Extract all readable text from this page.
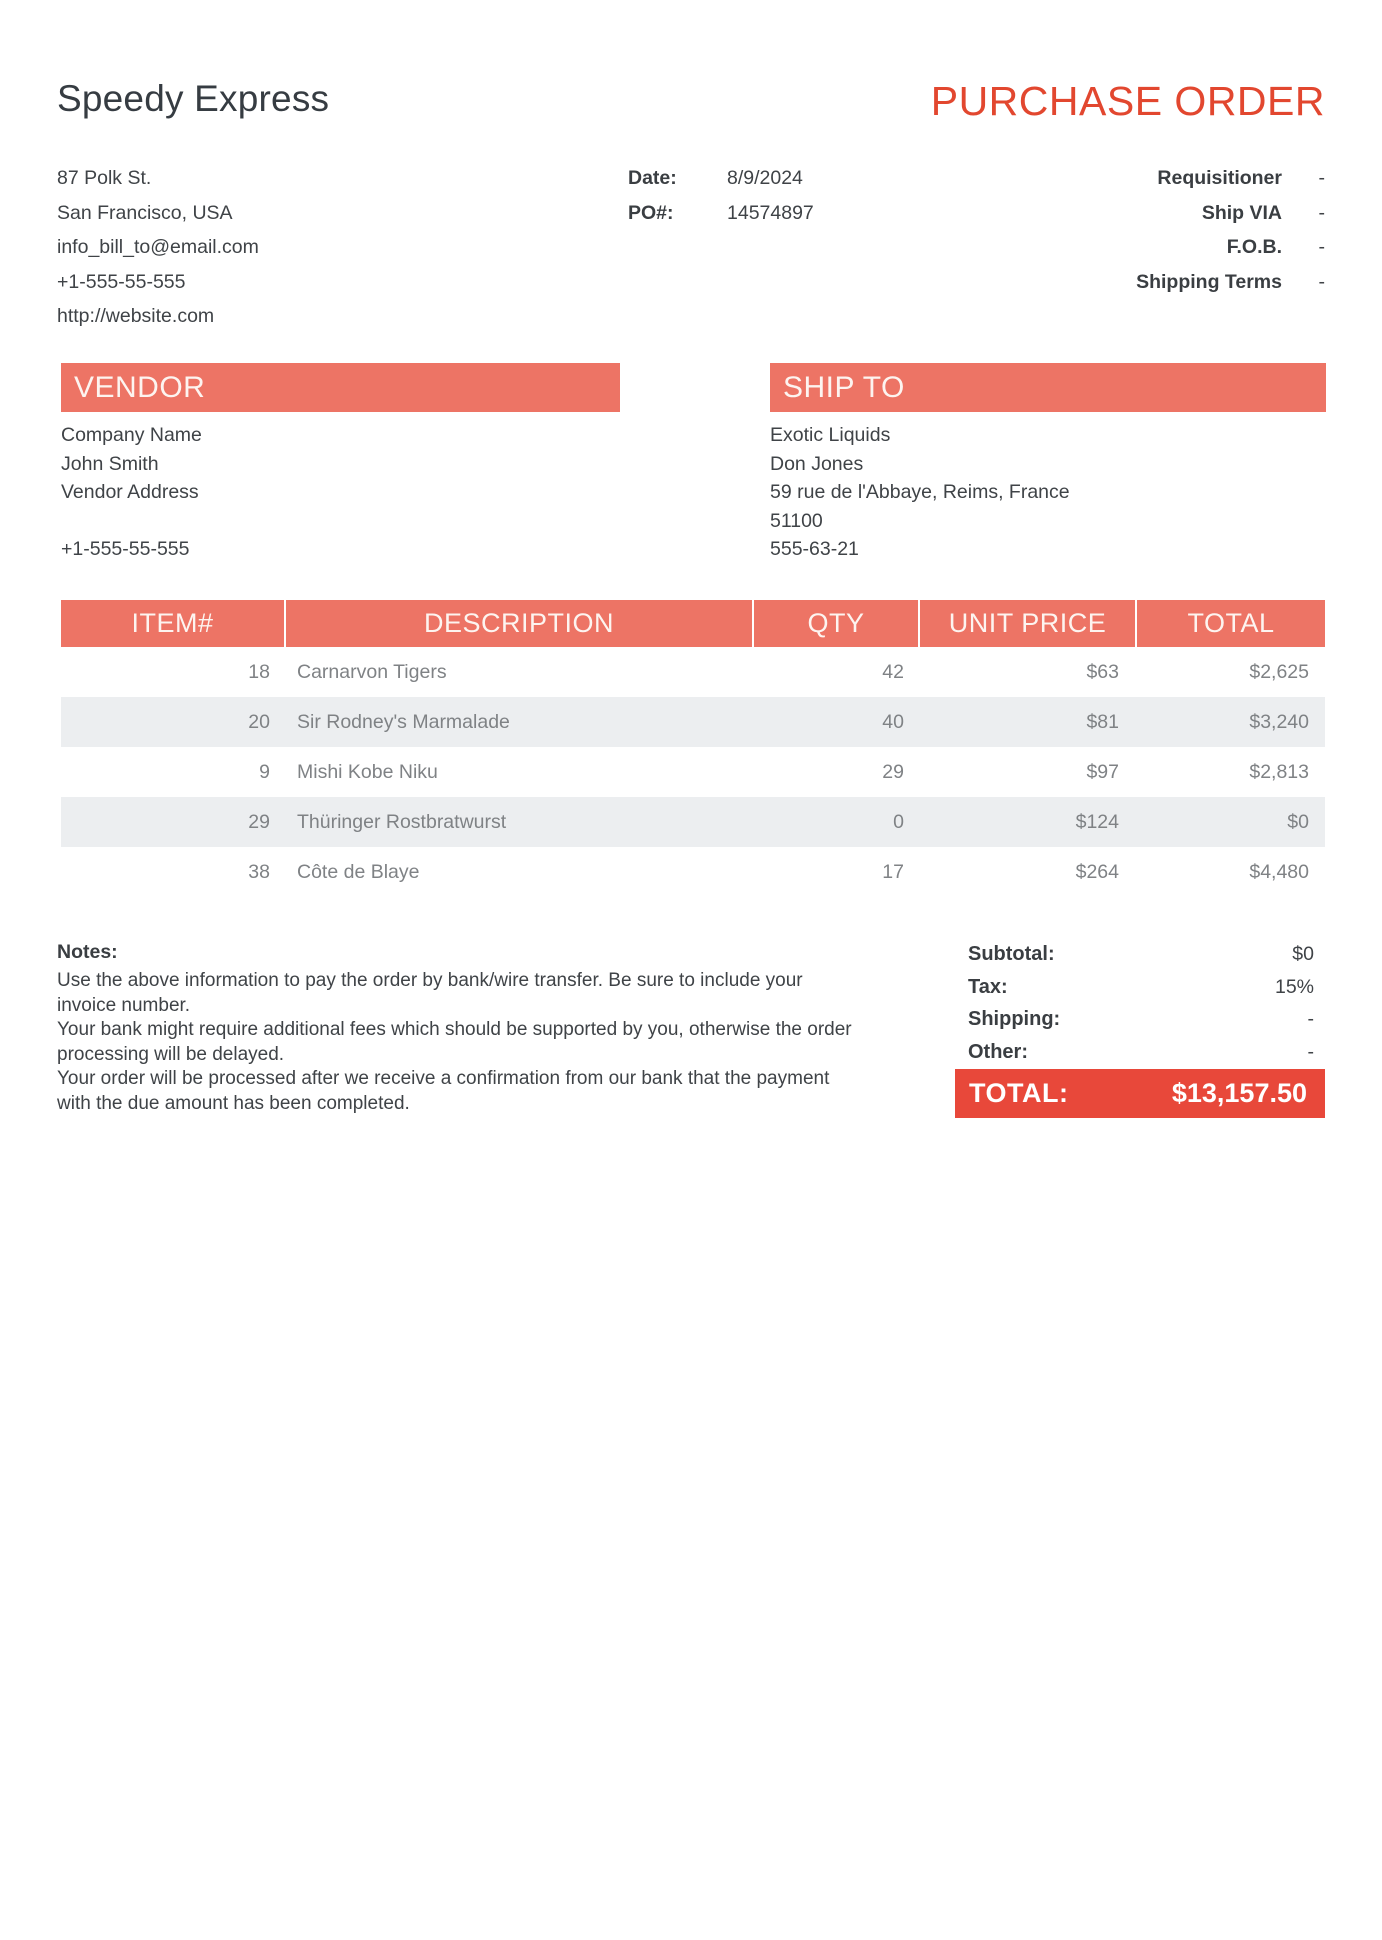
Speedy Express	PURCHASE ORDER
87 Polk St.
San Francisco, USA
info_bill_to@email.com
+1-555-55-555
http://website.com
Date:	8/9/2024
PO#:	14574897
Requisitioner	-
Ship VIA	-
F.O.B.	-
Shipping Terms	-
VENDOR
Company Name
John Smith
Vendor Address
+1-555-55-555
SHIP TO
Exotic Liquids
Don Jones
59 rue de l'Abbaye, Reims, France
51100
555-63-21
ITEM#	DESCRIPTION	QTY	UNIT PRICE	TOTAL
18	Carnarvon Tigers	42	$63	$2,625
20	Sir Rodney's Marmalade	40	$81	$3,240
9	Mishi Kobe Niku	29	$97	$2,813
29	Thüringer Rostbratwurst	0	$124	$0
38	Côte de Blaye	17	$264	$4,480
Notes:

Use the above information to pay the order by bank/wire transfer. Be sure to include your invoice number.

Your bank might require additional fees which should be supported by you, otherwise the order processing will be delayed.

Your order will be processed after we receive a confirmation from our bank that the payment with the due amount has been completed.

Subtotal:	$0
Tax:	15%
Shipping:	-
Other:	-
TOTAL:	$13,157.50
